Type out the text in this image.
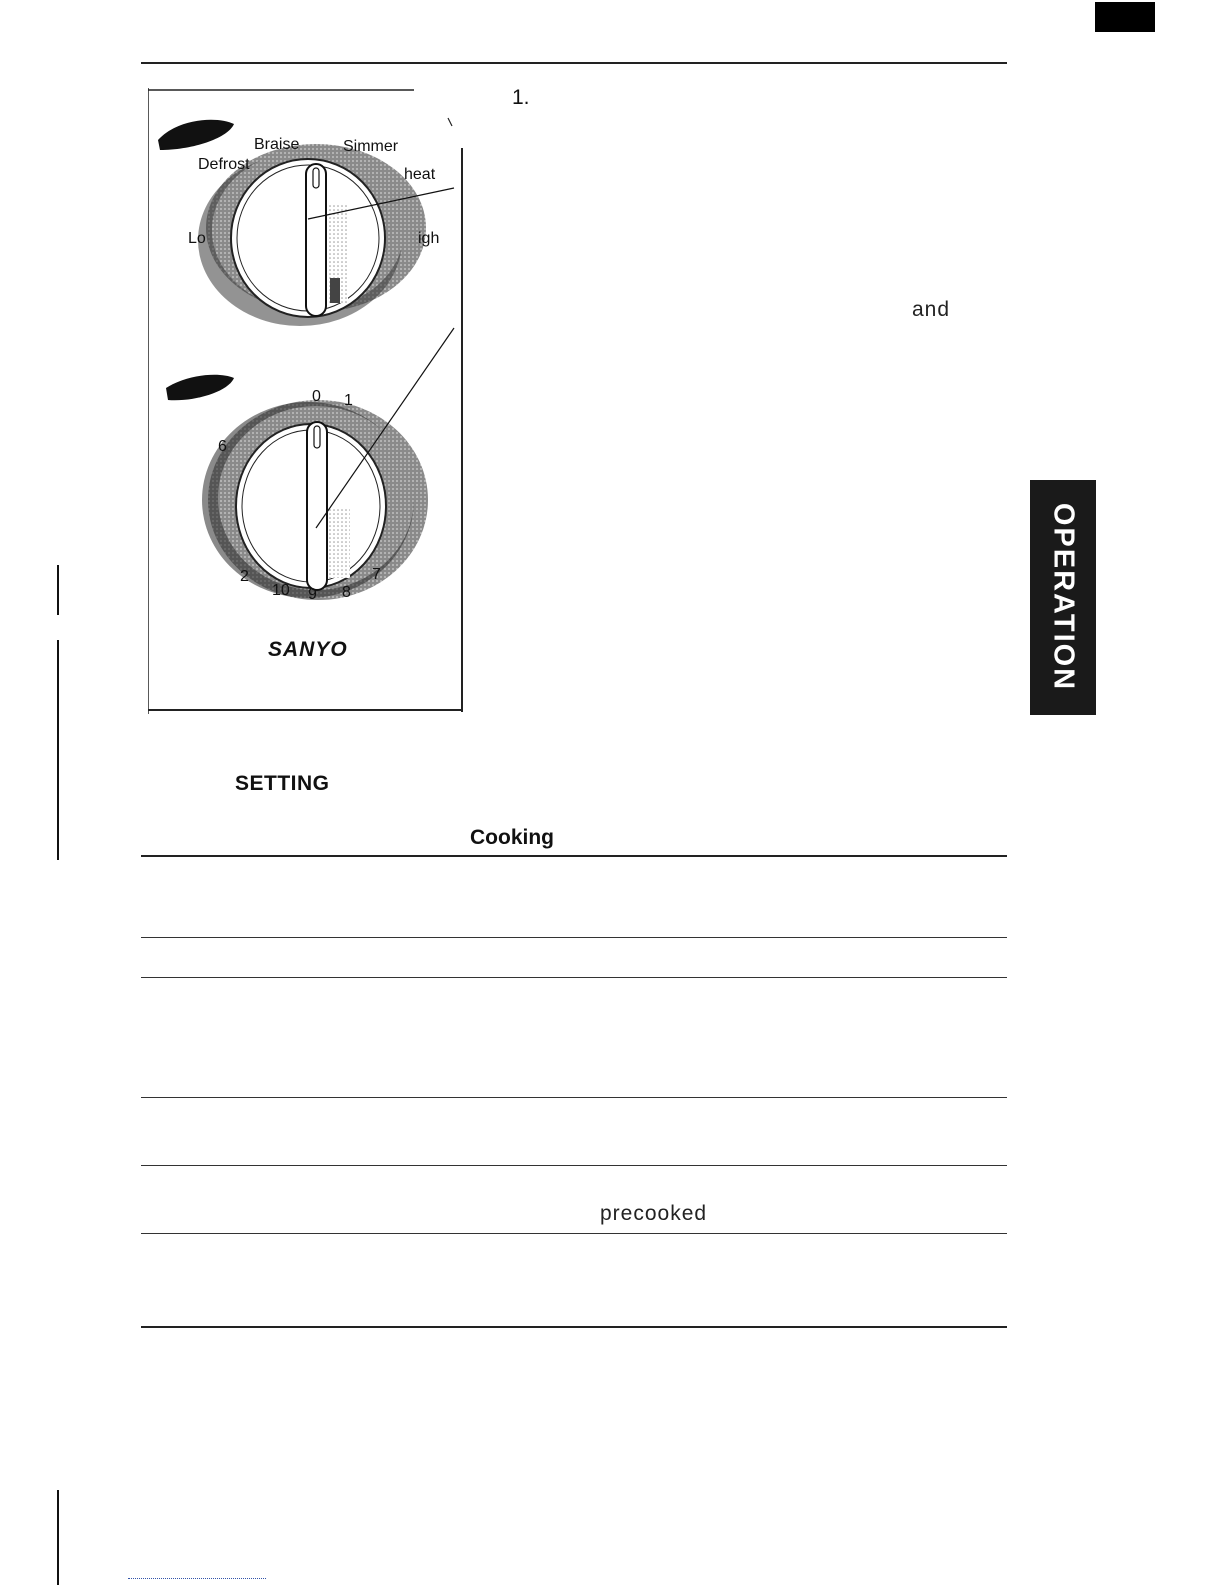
Braise	Simmer
Defrost
heat
Lo	igh
0 1
6
2
10 9 8
7
SANYO
1.
and
OPERATION
SETTING
Cooking
precooked
